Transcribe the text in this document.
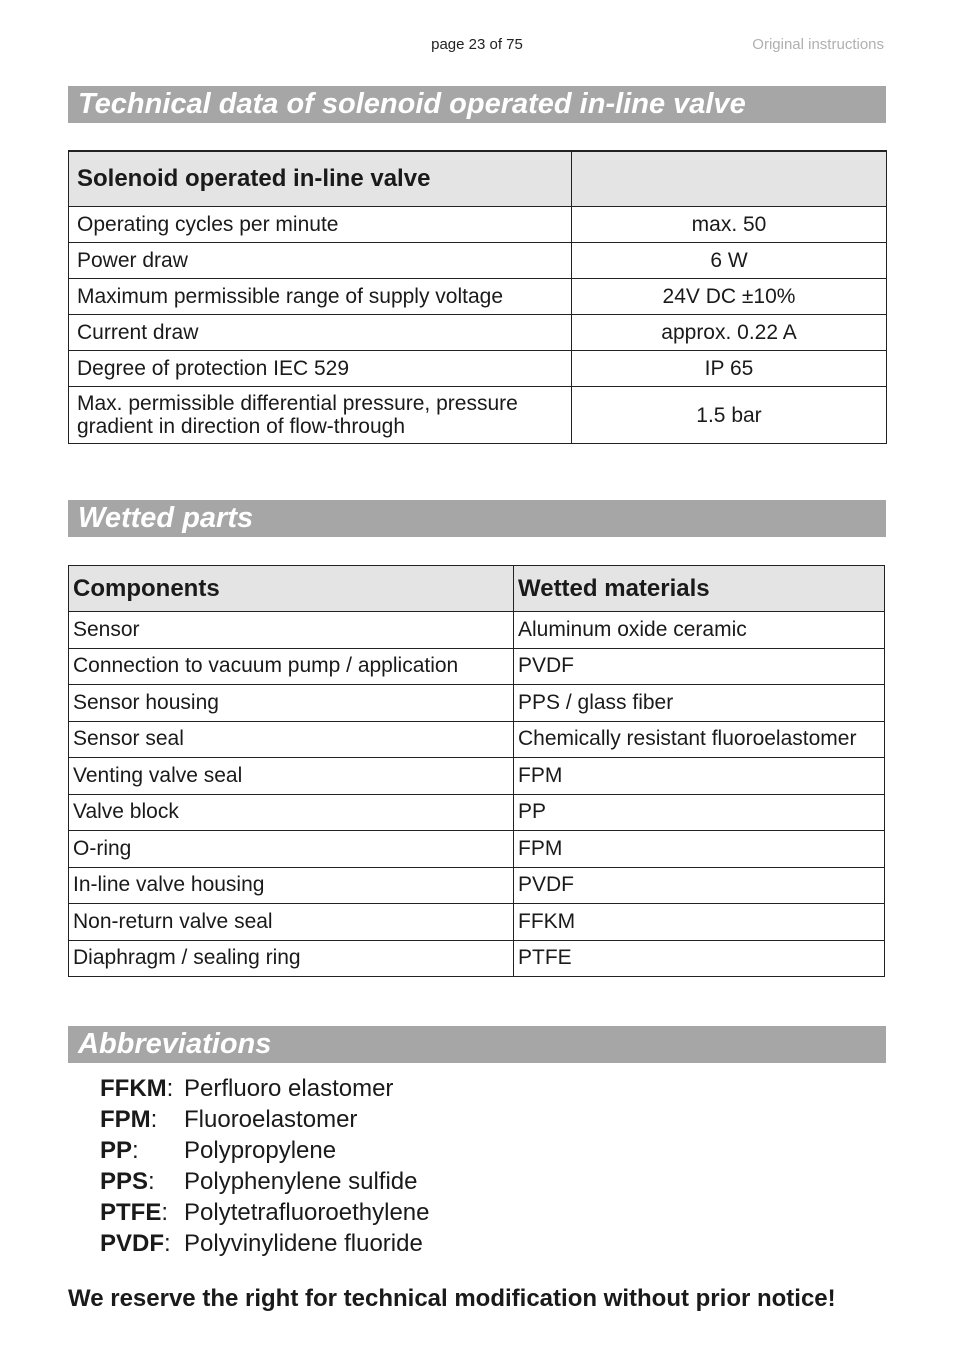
page 23 of 75	Original instructions
Technical data of solenoid operated in-line valve
Solenoid operated in-line valve	
Operating cycles per minute	max. 50
Power draw	6 W
Maximum permissible range of supply voltage	24V DC ±10%
Current draw	approx. 0.22 A
Degree of protection IEC 529	IP 65
Max. permissible differential pressure, pressure gradient in direction of flow-through	1.5 bar
Wetted parts
Components	Wetted materials
Sensor	Aluminum oxide ceramic
Connection to vacuum pump / application	PVDF
Sensor housing	PPS / glass fiber
Sensor seal	Chemically resistant fluoroelastomer
Venting valve seal	FPM
Valve block	PP
O-ring	FPM
In-line valve housing	PVDF
Non-return valve seal	FFKM
Diaphragm / sealing ring	PTFE
Abbreviations
FFKM: Perfluoro elastomer
FPM:	Fluoroelastomer
PP:	Polypropylene
PPS:	Polyphenylene sulfide
PTFE: Polytetrafluoroethylene
PVDF: Polyvinylidene fluoride
We reserve the right for technical modification without prior notice!
